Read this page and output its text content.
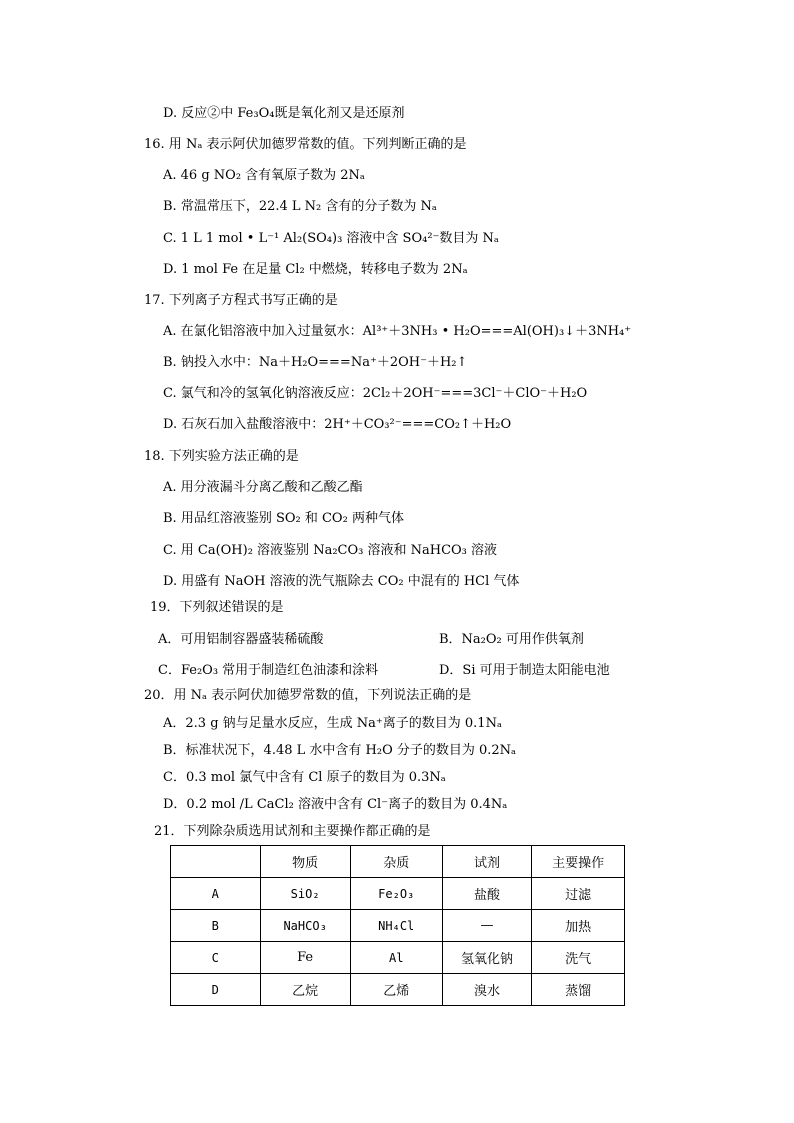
D. 反应②中 Fe₃O₄既是氧化剂又是还原剂
16. 用 Nₐ 表示阿伏加德罗常数的值。下列判断正确的是
A. 46 g NO₂ 含有氧原子数为 2Nₐ
B. 常温常压下，22.4 L N₂ 含有的分子数为 Nₐ
C. 1 L 1 mol • L⁻¹ Al₂(SO₄)₃ 溶液中含 SO₄²⁻数目为 Nₐ
D. 1 mol Fe 在足量 Cl₂ 中燃烧，转移电子数为 2Nₐ
17. 下列离子方程式书写正确的是
A. 在氯化铝溶液中加入过量氨水：Al³⁺＋3NH₃ • H₂O===Al(OH)₃↓＋3NH₄⁺
B. 钠投入水中：Na＋H₂O===Na⁺＋2OH⁻＋H₂↑
C. 氯气和冷的氢氧化钠溶液反应：2Cl₂＋2OH⁻===3Cl⁻＋ClO⁻＋H₂O
D. 石灰石加入盐酸溶液中：2H⁺＋CO₃²⁻===CO₂↑＋H₂O
18. 下列实验方法正确的是
A. 用分液漏斗分离乙酸和乙酸乙酯
B. 用品红溶液鉴别 SO₂ 和 CO₂ 两种气体
C. 用 Ca(OH)₂ 溶液鉴别 Na₂CO₃ 溶液和 NaHCO₃ 溶液
D. 用盛有 NaOH 溶液的洗气瓶除去 CO₂ 中混有的 HCl 气体
19．下列叙述错误的是
A．可用铝制容器盛装稀硫酸	B．Na₂O₂ 可用作供氧剂
C．Fe₂O₃ 常用于制造红色油漆和涂料	D．Si 可用于制造太阳能电池
20．用 Nₐ 表示阿伏加德罗常数的值，下列说法正确的是
A．2.3 g 钠与足量水反应，生成 Na⁺离子的数目为 0.1Nₐ
B．标准状况下，4.48 L 水中含有 H₂O 分子的数目为 0.2Nₐ
C．0.3 mol 氯气中含有 Cl 原子的数目为 0.3Nₐ
D．0.2 mol /L CaCl₂ 溶液中含有 Cl⁻离子的数目为 0.4Nₐ
21．下列除杂质选用试剂和主要操作都正确的是
	物质	杂质	试剂	主要操作
A	SiO₂	Fe₂O₃	盐酸	过滤
B	NaHCO₃	NH₄Cl	—	加热
C	Fe	Al	氢氧化钠	洗气
D	乙烷	乙烯	溴水	蒸馏
